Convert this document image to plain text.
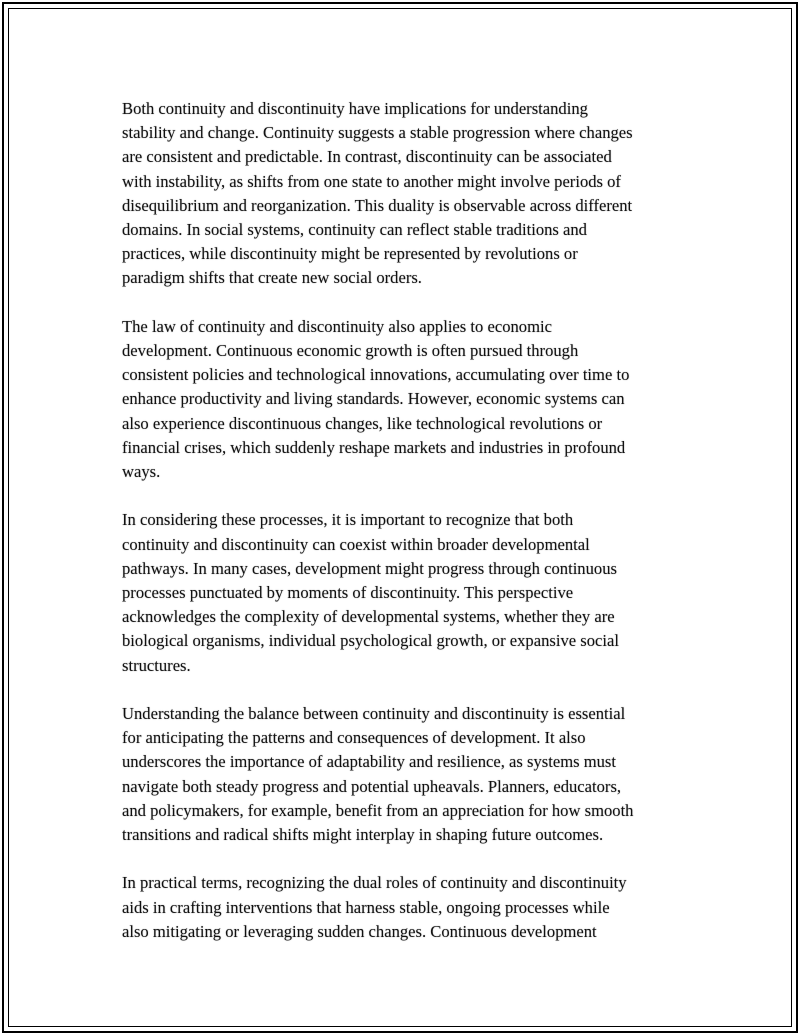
Both continuity and discontinuity have implications for understanding
stability and change. Continuity suggests a stable progression where changes
are consistent and predictable. In contrast, discontinuity can be associated
with instability, as shifts from one state to another might involve periods of
disequilibrium and reorganization. This duality is observable across different
domains. In social systems, continuity can reflect stable traditions and
practices, while discontinuity might be represented by revolutions or
paradigm shifts that create new social orders.

The law of continuity and discontinuity also applies to economic
development. Continuous economic growth is often pursued through
consistent policies and technological innovations, accumulating over time to
enhance productivity and living standards. However, economic systems can
also experience discontinuous changes, like technological revolutions or
financial crises, which suddenly reshape markets and industries in profound
ways.

In considering these processes, it is important to recognize that both
continuity and discontinuity can coexist within broader developmental
pathways. In many cases, development might progress through continuous
processes punctuated by moments of discontinuity. This perspective
acknowledges the complexity of developmental systems, whether they are
biological organisms, individual psychological growth, or expansive social
structures.

Understanding the balance between continuity and discontinuity is essential
for anticipating the patterns and consequences of development. It also
underscores the importance of adaptability and resilience, as systems must
navigate both steady progress and potential upheavals. Planners, educators,
and policymakers, for example, benefit from an appreciation for how smooth
transitions and radical shifts might interplay in shaping future outcomes.

In practical terms, recognizing the dual roles of continuity and discontinuity
aids in crafting interventions that harness stable, ongoing processes while
also mitigating or leveraging sudden changes. Continuous development
